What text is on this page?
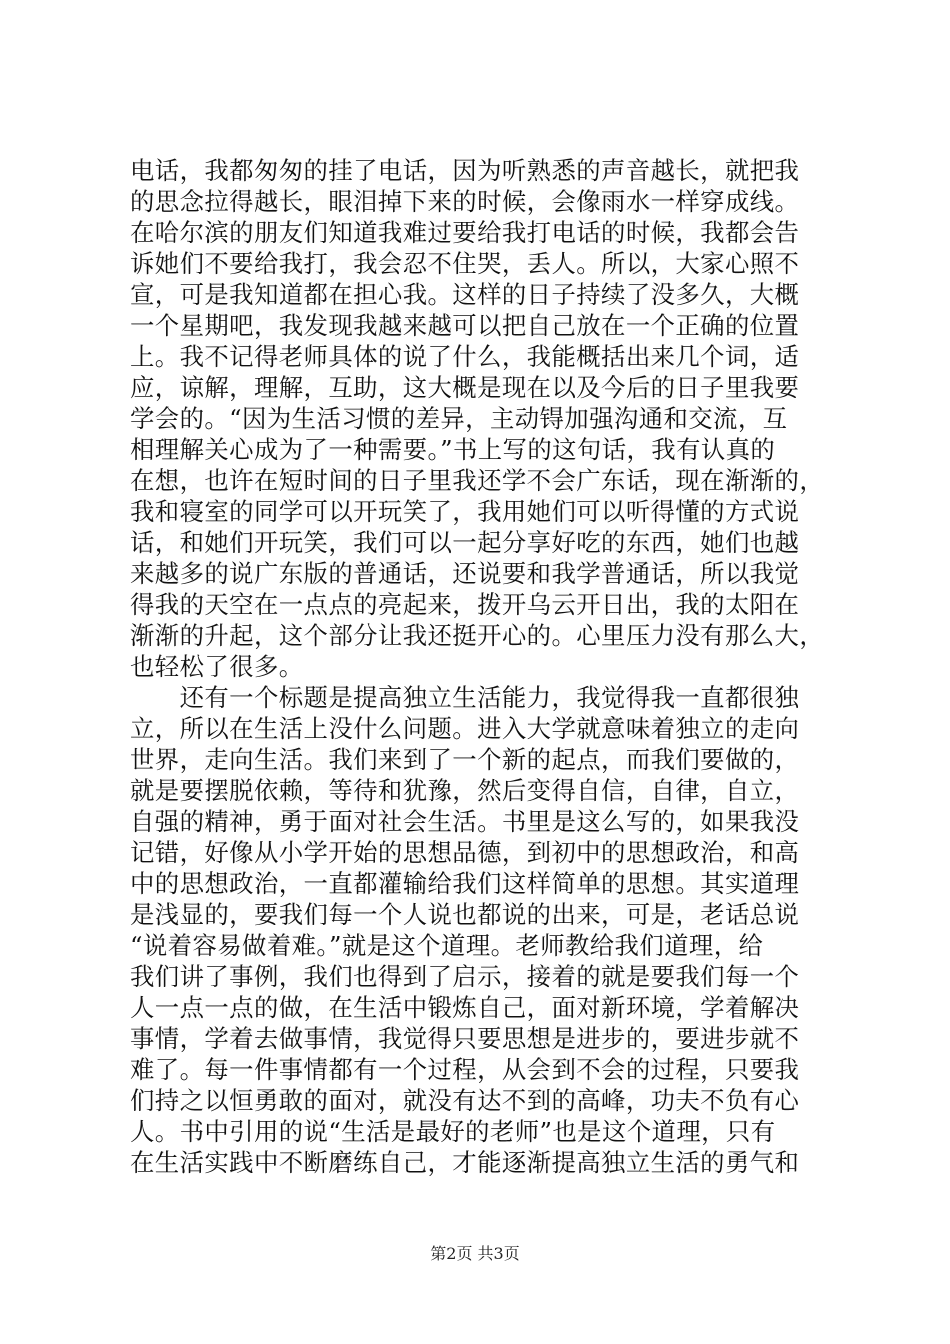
电话，我都匆匆的挂了电话，因为听熟悉的声音越长，就把我
的思念拉得越长，眼泪掉下来的时候，会像雨水一样穿成线。
在哈尔滨的朋友们知道我难过要给我打电话的时候，我都会告
诉她们不要给我打，我会忍不住哭，丢人。所以，大家心照不
宣，可是我知道都在担心我。这样的日子持续了没多久，大概
一个星期吧，我发现我越来越可以把自己放在一个正确的位置
上。我不记得老师具体的说了什么，我能概括出来几个词，适
应，谅解，理解，互助，这大概是现在以及今后的日子里我要
学会的。“因为生活习惯的差异，主动锝加强沟通和交流，互
相理解关心成为了一种需要。”书上写的这句话，我有认真的
在想，也许在短时间的日子里我还学不会广东话，现在渐渐的，
我和寝室的同学可以开玩笑了，我用她们可以听得懂的方式说
话，和她们开玩笑，我们可以一起分享好吃的东西，她们也越
来越多的说广东版的普通话，还说要和我学普通话，所以我觉
得我的天空在一点点的亮起来，拨开乌云开日出，我的太阳在
渐渐的升起，这个部分让我还挺开心的。心里压力没有那么大，
也轻松了很多。
　　还有一个标题是提高独立生活能力，我觉得我一直都很独
立，所以在生活上没什么问题。进入大学就意味着独立的走向
世界，走向生活。我们来到了一个新的起点，而我们要做的，
就是要摆脱依赖，等待和犹豫，然后变得自信，自律，自立，
自强的精神，勇于面对社会生活。书里是这么写的，如果我没
记错，好像从小学开始的思想品德，到初中的思想政治，和高
中的思想政治，一直都灌输给我们这样简单的思想。其实道理
是浅显的，要我们每一个人说也都说的出来，可是，老话总说
“说着容易做着难。”就是这个道理。老师教给我们道理，给
我们讲了事例，我们也得到了启示，接着的就是要我们每一个
人一点一点的做，在生活中锻炼自己，面对新环境，学着解决
事情，学着去做事情，我觉得只要思想是进步的，要进步就不
难了。每一件事情都有一个过程，从会到不会的过程，只要我
们持之以恒勇敢的面对，就没有达不到的高峰，功夫不负有心
人。书中引用的说“生活是最好的老师”也是这个道理，只有
在生活实践中不断磨练自己，才能逐渐提高独立生活的勇气和
第2页 共3页
